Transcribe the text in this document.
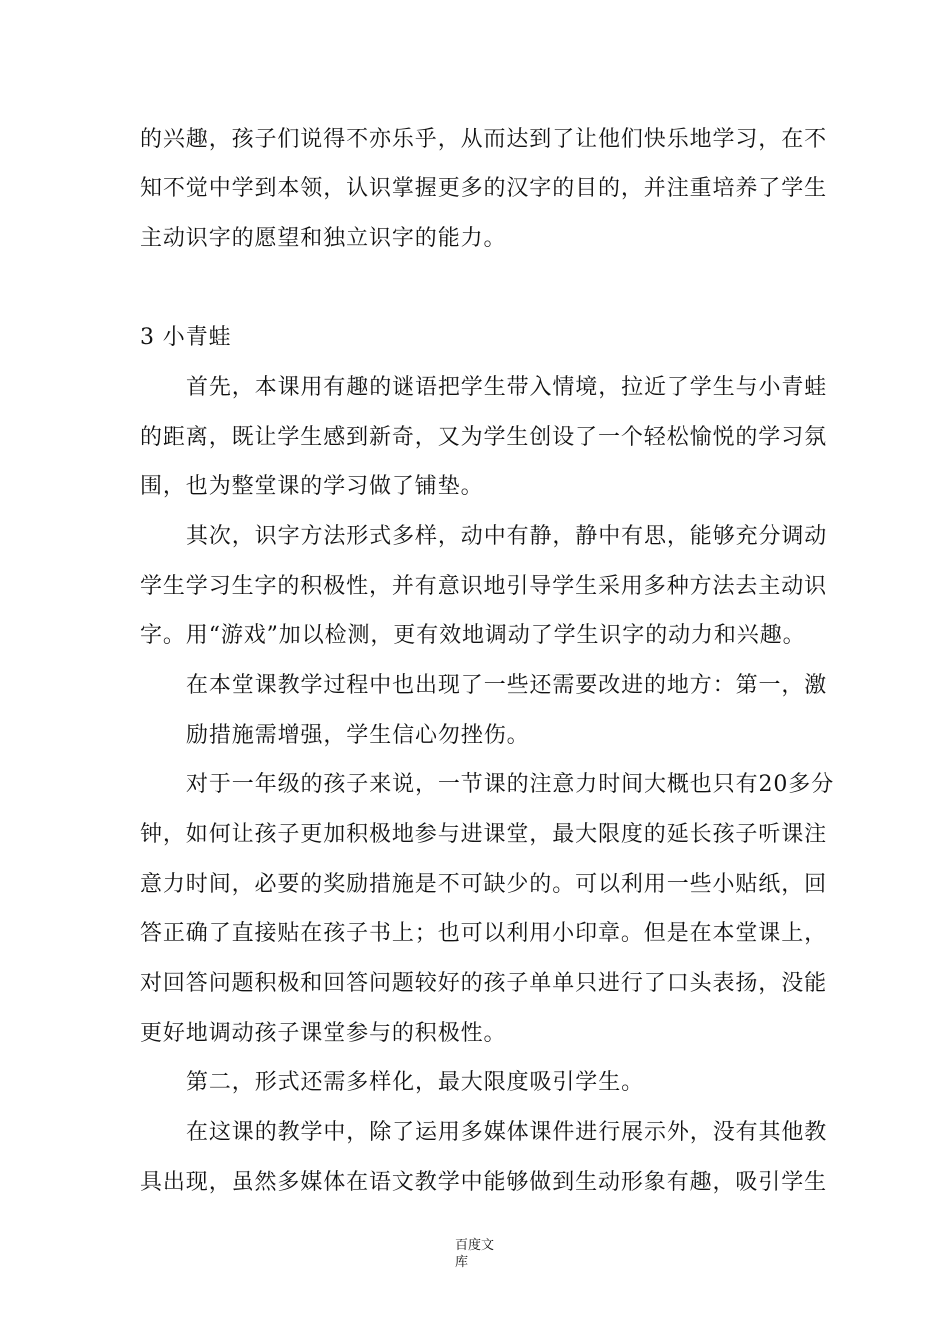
的兴趣，孩子们说得不亦乐乎，从而达到了让他们快乐地学习，在不
知不觉中学到本领，认识掌握更多的汉字的目的，并注重培养了学生
主动识字的愿望和独立识字的能力。
3 小青蛙
首先，本课用有趣的谜语把学生带入情境，拉近了学生与小青蛙
的距离，既让学生感到新奇，又为学生创设了一个轻松愉悦的学习氛
围，也为整堂课的学习做了铺垫。
其次，识字方法形式多样，动中有静，静中有思，能够充分调动
学生学习生字的积极性，并有意识地引导学生采用多种方法去主动识
字。用“游戏”加以检测，更有效地调动了学生识字的动力和兴趣。
在本堂课教学过程中也出现了一些还需要改进的地方：第一，激
励措施需增强，学生信心勿挫伤。
对于一年级的孩子来说，一节课的注意力时间大概也只有20多分
钟，如何让孩子更加积极地参与进课堂，最大限度的延长孩子听课注
意力时间，必要的奖励措施是不可缺少的。可以利用一些小贴纸，回
答正确了直接贴在孩子书上；也可以利用小印章。但是在本堂课上，
对回答问题积极和回答问题较好的孩子单单只进行了口头表扬，没能
更好地调动孩子课堂参与的积极性。
第二，形式还需多样化，最大限度吸引学生。
在这课的教学中，除了运用多媒体课件进行展示外，没有其他教
具出现，虽然多媒体在语文教学中能够做到生动形象有趣，吸引学生
百度文
库
